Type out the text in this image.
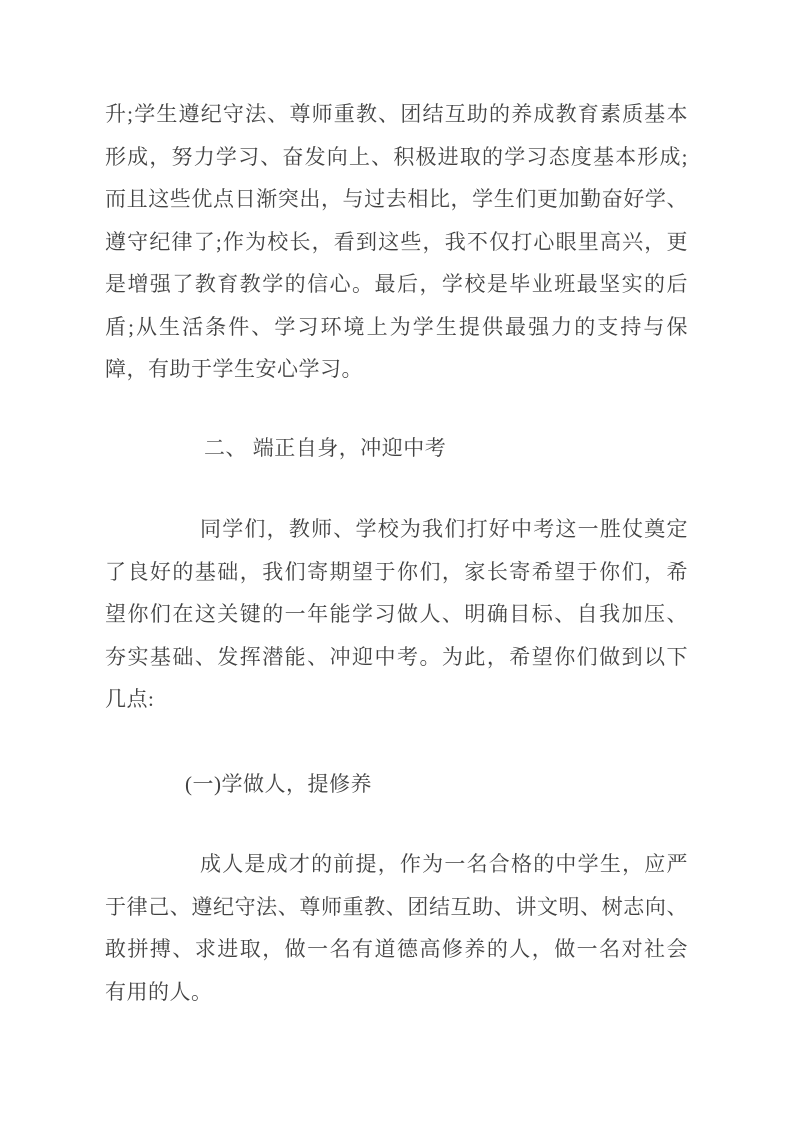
升;学生遵纪守法、尊师重教、团结互助的养成教育素质基本
形成，努力学习、奋发向上、积极进取的学习态度基本形成;
而且这些优点日渐突出，与过去相比，学生们更加勤奋好学、
遵守纪律了;作为校长，看到这些，我不仅打心眼里高兴，更
是增强了教育教学的信心。最后，学校是毕业班最坚实的后
盾;从生活条件、学习环境上为学生提供最强力的支持与保
障，有助于学生安心学习。
二、 端正自身，冲迎中考
同学们，教师、学校为我们打好中考这一胜仗奠定
了良好的基础，我们寄期望于你们，家长寄希望于你们，希
望你们在这关键的一年能学习做人、明确目标、自我加压、
夯实基础、发挥潜能、冲迎中考。为此，希望你们做到以下
几点:
(一)学做人，提修养
成人是成才的前提，作为一名合格的中学生，应严
于律己、遵纪守法、尊师重教、团结互助、讲文明、树志向、
敢拼搏、求进取，做一名有道德高修养的人，做一名对社会
有用的人。
